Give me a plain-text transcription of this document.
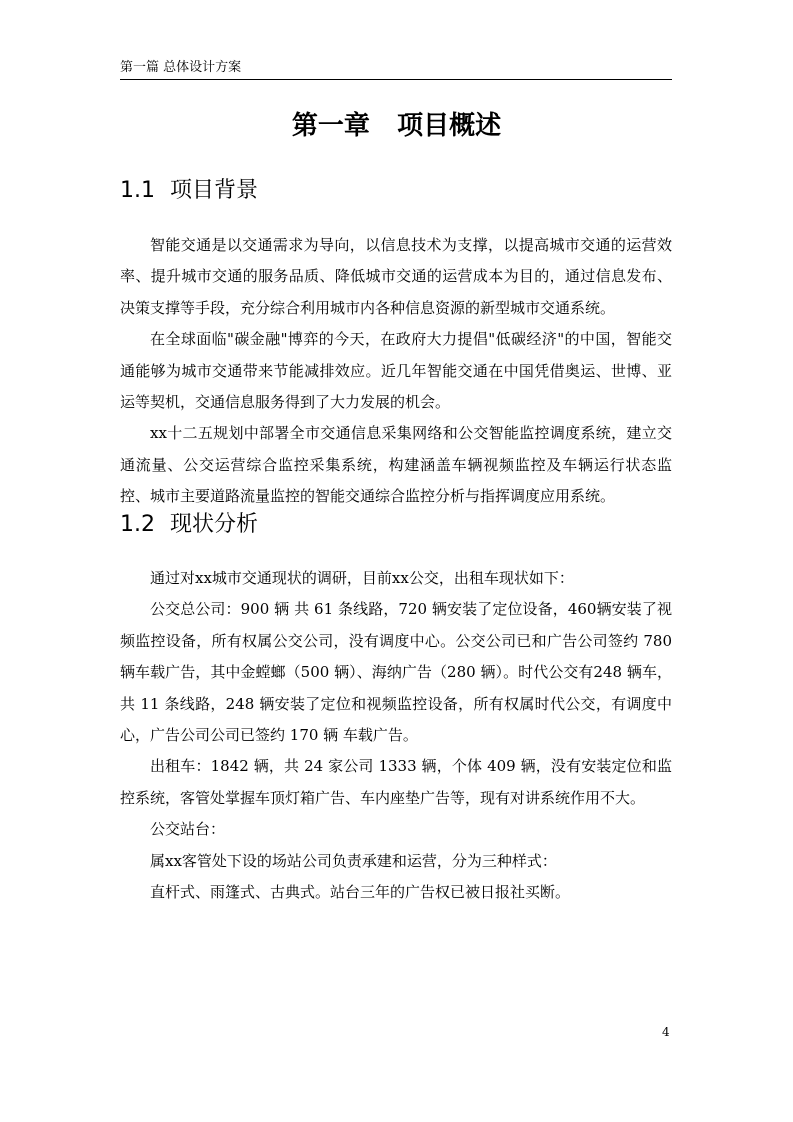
第一篇 总体设计方案
第一章   项目概述
1.1 项目背景

智能交通是以交通需求为导向，以信息技术为支撑，以提高城市交通的运营效率、提升城市交通的服务品质、降低城市交通的运营成本为目的，通过信息发布、决策支撑等手段，充分综合利用城市内各种信息资源的新型城市交通系统。

在全球面临"碳金融"博弈的今天，在政府大力提倡"低碳经济"的中国，智能交通能够为城市交通带来节能减排效应。近几年智能交通在中国凭借奥运、世博、亚运等契机，交通信息服务得到了大力发展的机会。

xx十二五规划中部署全市交通信息采集网络和公交智能监控调度系统，建立交通流量、公交运营综合监控采集系统，构建涵盖车辆视频监控及车辆运行状态监控、城市主要道路流量监控的智能交通综合监控分析与指挥调度应用系统。

1.2 现状分析

通过对xx城市交通现状的调研，目前xx公交，出租车现状如下：

公交总公司：900 辆 共 61 条线路，720 辆安装了定位设备，460辆安装了视频监控设备，所有权属公交公司，没有调度中心。公交公司已和广告公司签约 780 辆车载广告，其中金螳螂（500 辆）、海纳广告（280 辆）。时代公交有248 辆车，共 11 条线路，248 辆安装了定位和视频监控设备，所有权属时代公交，有调度中心，广告公司公司已签约 170 辆 车载广告。

出租车：1842 辆，共 24 家公司 1333 辆，个体 409 辆，没有安装定位和监控系统，客管处掌握车顶灯箱广告、车内座垫广告等，现有对讲系统作用不大。

公交站台：

属xx客管处下设的场站公司负责承建和运营，分为三种样式：

直杆式、雨篷式、古典式。站台三年的广告权已被日报社买断。

4
